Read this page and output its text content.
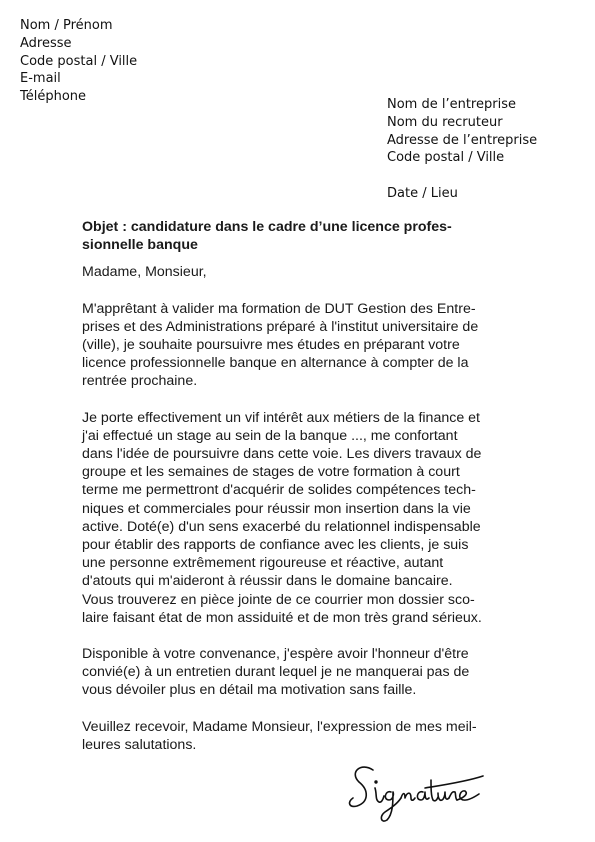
Nom / Prénom
Adresse
Code postal / Ville
E-mail
Téléphone
Nom de l’entreprise
Nom du recruteur
Adresse de l’entreprise
Code postal / Ville
Date / Lieu
Objet : candidature dans le cadre d’une licence profes-
sionnelle banque
Madame, Monsieur,
M'apprêtant à valider ma formation de DUT Gestion des Entre-
prises et des Administrations préparé à l'institut universitaire de
(ville), je souhaite poursuivre mes études en préparant votre
licence professionnelle banque en alternance à compter de la
rentrée prochaine.
Je porte effectivement un vif intérêt aux métiers de la finance et
j'ai effectué un stage au sein de la banque ..., me confortant
dans l'idée de poursuivre dans cette voie. Les divers travaux de
groupe et les semaines de stages de votre formation à court
terme me permettront d'acquérir de solides compétences tech-
niques et commerciales pour réussir mon insertion dans la vie
active. Doté(e) d'un sens exacerbé du relationnel indispensable
pour établir des rapports de confiance avec les clients, je suis
une personne extrêmement rigoureuse et réactive, autant
d'atouts qui m'aideront à réussir dans le domaine bancaire.
Vous trouverez en pièce jointe de ce courrier mon dossier sco-
laire faisant état de mon assiduité et de mon très grand sérieux.
Disponible à votre convenance, j'espère avoir l'honneur d'être
convié(e) à un entretien durant lequel je ne manquerai pas de
vous dévoiler plus en détail ma motivation sans faille.
Veuillez recevoir, Madame Monsieur, l'expression de mes meil-
leures salutations.
